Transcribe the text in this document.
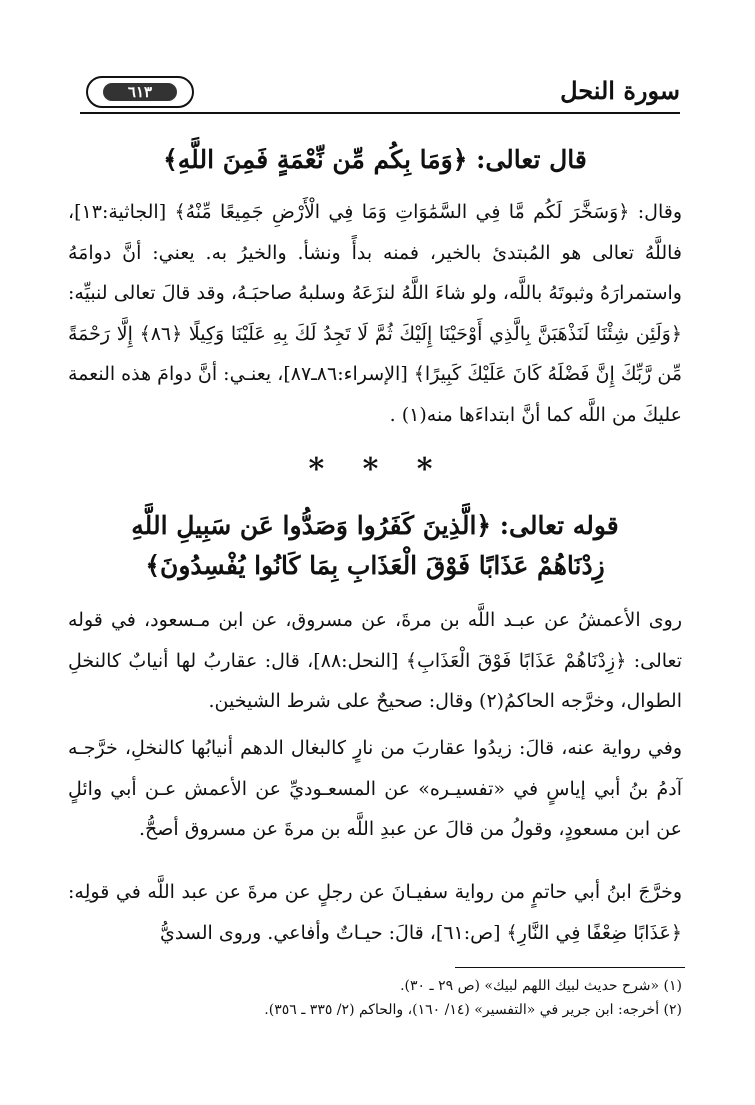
سورة النحل
٦١٣
قال تعالى: ﴿وَمَا بِكُم مِّن نِّعْمَةٍ فَمِنَ اللَّهِ﴾
وقال: ﴿وَسَخَّرَ لَكُم مَّا فِي السَّمَٰوَاتِ وَمَا فِي الْأَرْضِ جَمِيعًا مِّنْهُ﴾ [الجاثية:١٣]، فاللَّهُ تعالى هو المُبتدئ بالخير، فمنه بدأً ونشأ. والخيرُ به. يعني: أنَّ دوامَهُ واستمرارَهُ وثبوتَهُ باللَّه، ولو شاءَ اللَّهُ لنزَعَهُ وسلبهُ صاحبَـهُ، وقد قالَ تعالى لنبيِّه: ﴿وَلَئِن شِئْنَا لَنَذْهَبَنَّ بِالَّذِي أَوْحَيْنَا إِلَيْكَ ثُمَّ لَا تَجِدُ لَكَ بِهِ عَلَيْنَا وَكِيلًا ﴿٨٦﴾ إِلَّا رَحْمَةً مِّن رَّبِّكَ إِنَّ فَضْلَهُ كَانَ عَلَيْكَ كَبِيرًا﴾ [الإسراء:٨٦ـ٨٧]، يعنـي: أنَّ دوامَ هذه النعمة عليكَ من اللَّه كما أنَّ ابتداءَها منه(١) .
* * *
قوله تعالى: ﴿الَّذِينَ كَفَرُوا وَصَدُّوا عَن سَبِيلِ اللَّهِ
زِدْنَاهُمْ عَذَابًا فَوْقَ الْعَذَابِ بِمَا كَانُوا يُفْسِدُونَ﴾
روى الأعمشُ عن عبـد اللَّه بن مرةَ، عن مسروق، عن ابن مـسعود، في قوله تعالى: ﴿زِدْنَاهُمْ عَذَابًا فَوْقَ الْعَذَابِ﴾ [النحل:٨٨]، قال: عقاربُ لها أنيابٌ كالنخلِ الطوال، وخرَّجه الحاكمُ(٢) وقال: صحيحٌ على شرط الشيخين.
وفي رواية عنه، قالَ: زيدُوا عقاربَ من نارٍ كالبغال الدهم أنيابُها كالنخلِ، خرَّجـه آدمُ بنُ أبي إياسٍ في «تفسيـره» عن المسعـوديِّ عن الأعمش عـن أبي وائلٍ عن ابن مسعودٍ، وقولُ من قالَ عن عبدِ اللَّه بن مرةَ عن مسروق أصحُّ.
وخرَّجَ ابنُ أبي حاتمٍ من رواية سفيـانَ عن رجلٍ عن مرةَ عن عبد اللَّه في قولِه: ﴿عَذَابًا ضِعْفًا فِي النَّارِ﴾ [ص:٦١]، قالَ: حيـاتٌ وأفاعي. وروى السديُّ
(١) «شرح حديث لبيك اللهم لبيك» (ص ٢٩ ـ ٣٠).
(٢) أخرجه: ابن جرير في «التفسير» (١٤/ ١٦٠)، والحاكم (٢/ ٣٣٥ ـ ٣٥٦).
